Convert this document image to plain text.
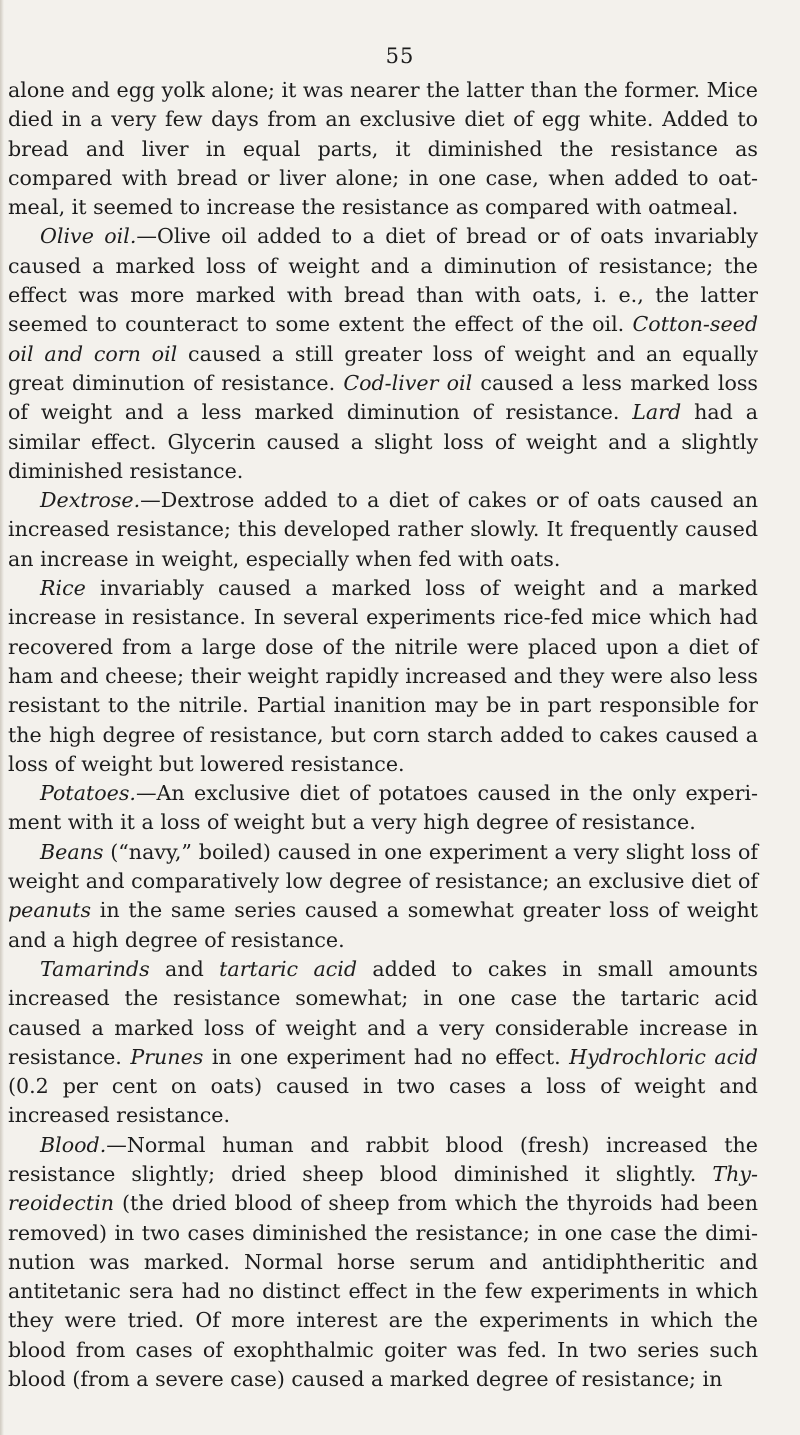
55

alone and egg yolk alone; it was nearer the latter than the former. Mice died in a very few days from an exclusive diet of egg white. Added to bread and liver in equal parts, it diminished the resistance as compared with bread or liver alone; in one case, when added to oat-meal, it seemed to increase the resistance as compared with oatmeal.

Olive oil.—Olive oil added to a diet of bread or of oats invariably caused a marked loss of weight and a diminution of resistance; the effect was more marked with bread than with oats, i. e., the latter seemed to counteract to some extent the effect of the oil. Cotton-seed oil and corn oil caused a still greater loss of weight and an equally great diminution of resistance. Cod-liver oil caused a less marked loss of weight and a less marked diminution of resistance. Lard had a similar effect. Glycerin caused a slight loss of weight and a slightly diminished resistance.

Dextrose.—Dextrose added to a diet of cakes or of oats caused an increased resistance; this developed rather slowly. It frequently caused an increase in weight, especially when fed with oats.

Rice invariably caused a marked loss of weight and a marked increase in resistance. In several experiments rice-fed mice which had recovered from a large dose of the nitrile were placed upon a diet of ham and cheese; their weight rapidly increased and they were also less resistant to the nitrile. Partial inanition may be in part responsible for the high degree of resistance, but corn starch added to cakes caused a loss of weight but lowered resistance.

Potatoes.—An exclusive diet of potatoes caused in the only experi-ment with it a loss of weight but a very high degree of resistance.

Beans (“navy,” boiled) caused in one experiment a very slight loss of weight and comparatively low degree of resistance; an exclusive diet of peanuts in the same series caused a somewhat greater loss of weight and a high degree of resistance.

Tamarinds and tartaric acid added to cakes in small amounts increased the resistance somewhat; in one case the tartaric acid caused a marked loss of weight and a very considerable increase in resistance. Prunes in one experiment had no effect. Hydrochloric acid (0.2 per cent on oats) caused in two cases a loss of weight and increased resistance.

Blood.—Normal human and rabbit blood (fresh) increased the resistance slightly; dried sheep blood diminished it slightly. Thy-reoidectin (the dried blood of sheep from which the thyroids had been removed) in two cases diminished the resistance; in one case the dimi-nution was marked. Normal horse serum and antidiphtheritic and antitetanic sera had no distinct effect in the few experiments in which they were tried. Of more interest are the experiments in which the blood from cases of exophthalmic goiter was fed. In two series such blood (from a severe case) caused a marked degree of resistance; in
